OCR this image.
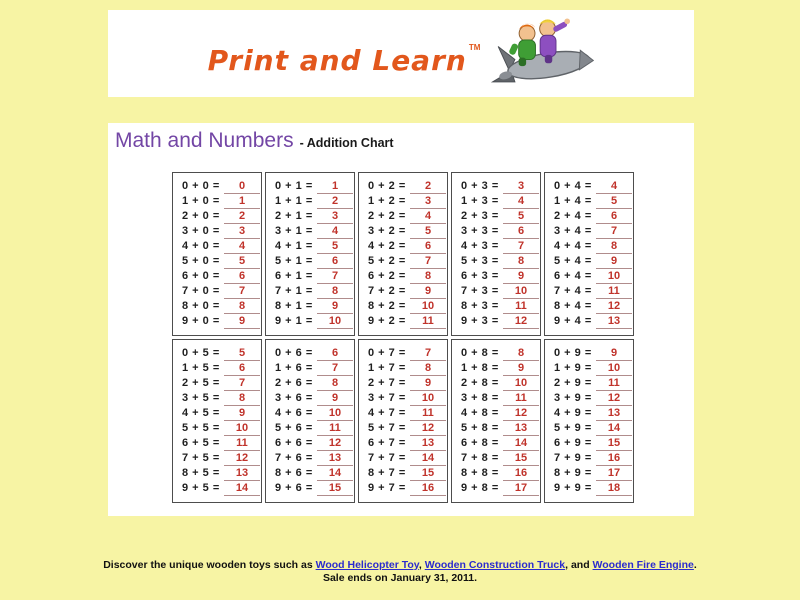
Print and Learn TM
Math and Numbers - Addition Chart
0 + 0 = 0
1 + 0 = 1
2 + 0 = 2
3 + 0 = 3
4 + 0 = 4
5 + 0 = 5
6 + 0 = 6
7 + 0 = 7
8 + 0 = 8
9 + 0 = 9
0 + 1 = 1
1 + 1 = 2
2 + 1 = 3
3 + 1 = 4
4 + 1 = 5
5 + 1 = 6
6 + 1 = 7
7 + 1 = 8
8 + 1 = 9
9 + 1 = 10
0 + 2 = 2
1 + 2 = 3
2 + 2 = 4
3 + 2 = 5
4 + 2 = 6
5 + 2 = 7
6 + 2 = 8
7 + 2 = 9
8 + 2 = 10
9 + 2 = 11
0 + 3 = 3
1 + 3 = 4
2 + 3 = 5
3 + 3 = 6
4 + 3 = 7
5 + 3 = 8
6 + 3 = 9
7 + 3 = 10
8 + 3 = 11
9 + 3 = 12
0 + 4 = 4
1 + 4 = 5
2 + 4 = 6
3 + 4 = 7
4 + 4 = 8
5 + 4 = 9
6 + 4 = 10
7 + 4 = 11
8 + 4 = 12
9 + 4 = 13
0 + 5 = 5
1 + 5 = 6
2 + 5 = 7
3 + 5 = 8
4 + 5 = 9
5 + 5 = 10
6 + 5 = 11
7 + 5 = 12
8 + 5 = 13
9 + 5 = 14
0 + 6 = 6
1 + 6 = 7
2 + 6 = 8
3 + 6 = 9
4 + 6 = 10
5 + 6 = 11
6 + 6 = 12
7 + 6 = 13
8 + 6 = 14
9 + 6 = 15
0 + 7 = 7
1 + 7 = 8
2 + 7 = 9
3 + 7 = 10
4 + 7 = 11
5 + 7 = 12
6 + 7 = 13
7 + 7 = 14
8 + 7 = 15
9 + 7 = 16
0 + 8 = 8
1 + 8 = 9
2 + 8 = 10
3 + 8 = 11
4 + 8 = 12
5 + 8 = 13
6 + 8 = 14
7 + 8 = 15
8 + 8 = 16
9 + 8 = 17
0 + 9 = 9
1 + 9 = 10
2 + 9 = 11
3 + 9 = 12
4 + 9 = 13
5 + 9 = 14
6 + 9 = 15
7 + 9 = 16
8 + 9 = 17
9 + 9 = 18
Discover the unique wooden toys such as Wood Helicopter Toy, Wooden Construction Truck, and Wooden Fire Engine.
Sale ends on January 31, 2011.
